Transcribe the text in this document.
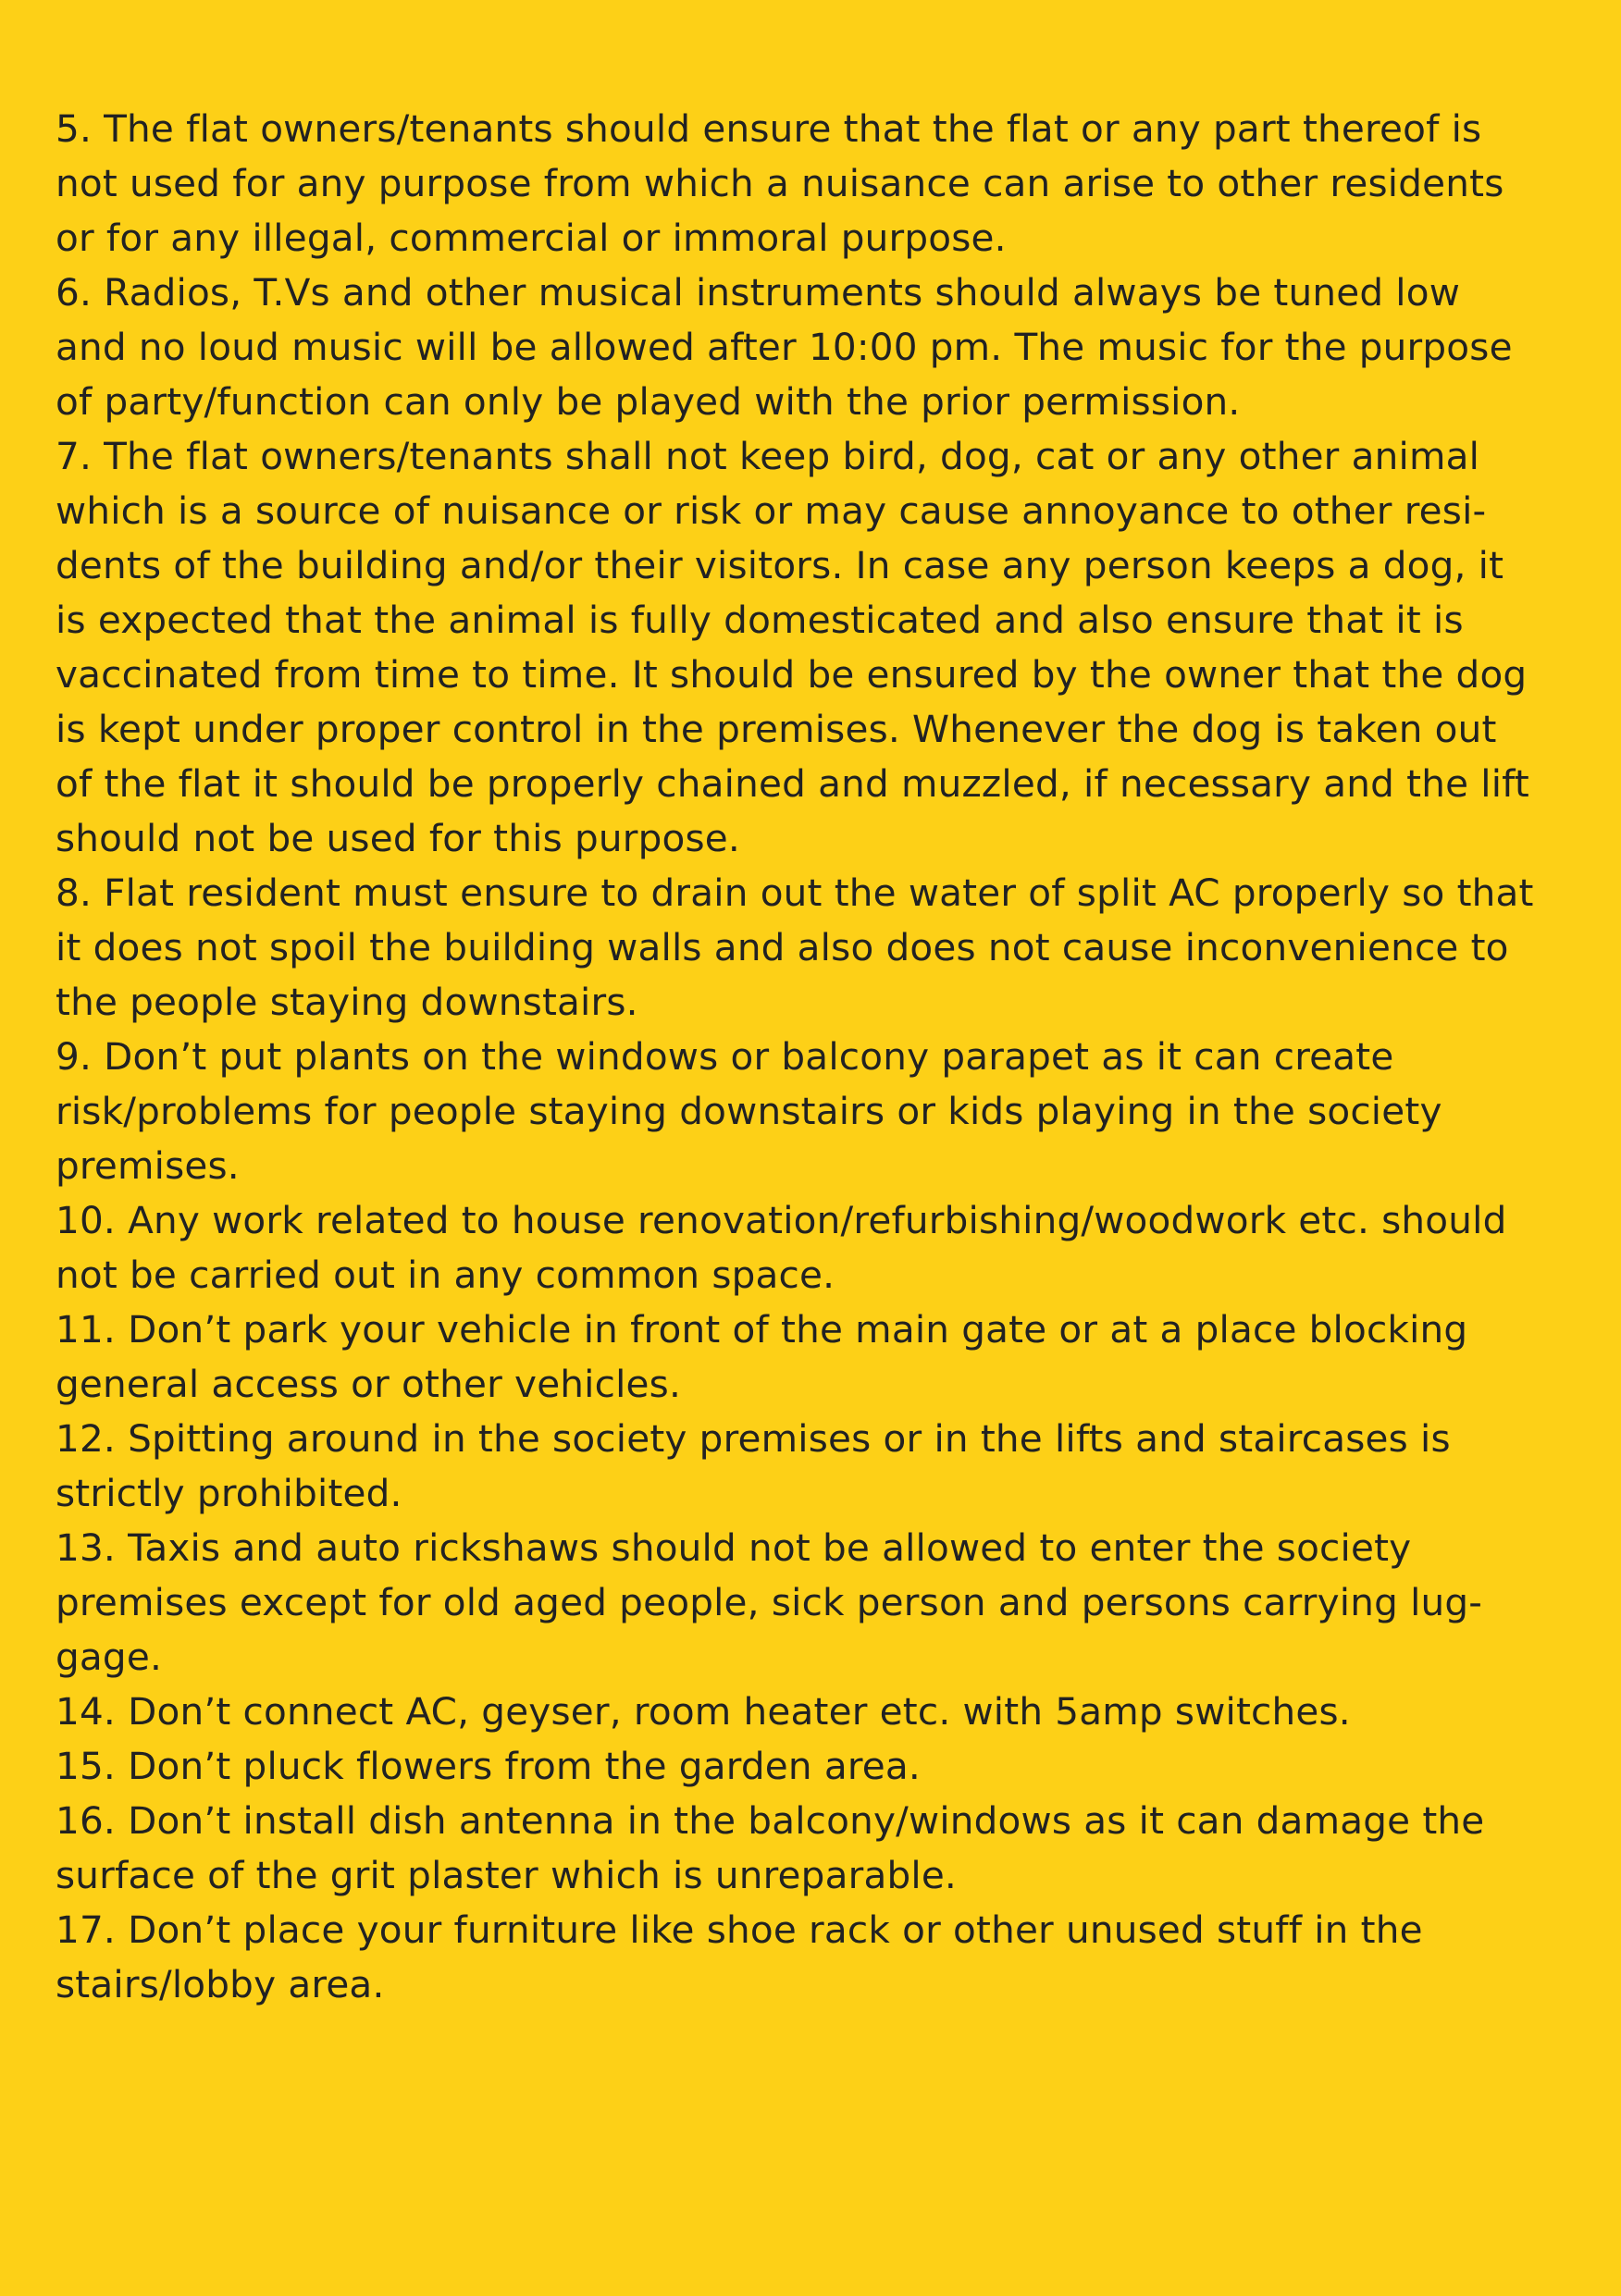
5. The flat owners/tenants should ensure that the flat or any part thereof is
not used for any purpose from which a nuisance can arise to other residents
or for any illegal, commercial or immoral purpose.
6. Radios, T.Vs and other musical instruments should always be tuned low
and no loud music will be allowed after 10:00 pm. The music for the purpose
of party/function can only be played with the prior permission.
7. The flat owners/tenants shall not keep bird, dog, cat or any other animal
which is a source of nuisance or risk or may cause annoyance to other resi-
dents of the building and/or their visitors. In case any person keeps a dog, it
is expected that the animal is fully domesticated and also ensure that it is
vaccinated from time to time. It should be ensured by the owner that the dog
is kept under proper control in the premises. Whenever the dog is taken out
of the flat it should be properly chained and muzzled, if necessary and the lift
should not be used for this purpose.
8. Flat resident must ensure to drain out the water of split AC properly so that
it does not spoil the building walls and also does not cause inconvenience to
the people staying downstairs.
9. Don’t put plants on the windows or balcony parapet as it can create
risk/problems for people staying downstairs or kids playing in the society
premises.
10. Any work related to house renovation/refurbishing/woodwork etc. should
not be carried out in any common space.
11. Don’t park your vehicle in front of the main gate or at a place blocking
general access or other vehicles.
12. Spitting around in the society premises or in the lifts and staircases is
strictly prohibited.
13. Taxis and auto rickshaws should not be allowed to enter the society
premises except for old aged people, sick person and persons carrying lug-
gage.
14. Don’t connect AC, geyser, room heater etc. with 5amp switches.
15. Don’t pluck flowers from the garden area.
16. Don’t install dish antenna in the balcony/windows as it can damage the
surface of the grit plaster which is unreparable.
17. Don’t place your furniture like shoe rack or other unused stuff in the
stairs/lobby area.
